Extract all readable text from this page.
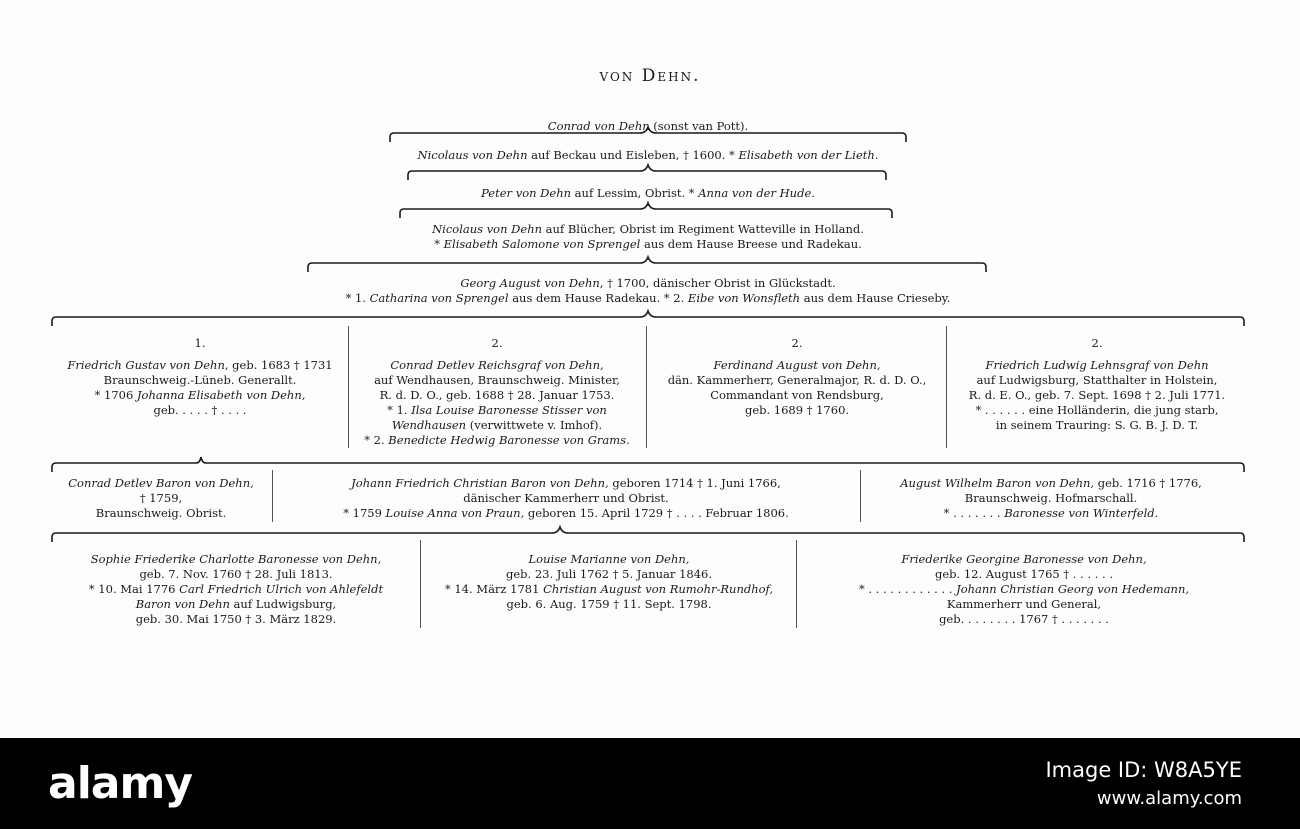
von Dehn.
Conrad von Dehn (sonst van Pott).
Nicolaus von Dehn auf Beckau und Eisleben, † 1600. * Elisabeth von der Lieth.
Peter von Dehn auf Lessim, Obrist. * Anna von der Hude.
Nicolaus von Dehn auf Blücher, Obrist im Regiment Watteville in Holland.
* Elisabeth Salomone von Sprengel aus dem Hause Breese und Radekau.
Georg August von Dehn, † 1700, dänischer Obrist in Glückstadt.
* 1. Catharina von Sprengel aus dem Hause Radekau. * 2. Eibe von Wonsfleth aus dem Hause Crieseby.
1.
Friedrich Gustav von Dehn, geb. 1683 † 1731
Braunschweig.-Lüneb. Generallt.
* 1706 Johanna Elisabeth von Dehn,
geb. . . . . † . . . .
2.
Conrad Detlev Reichsgraf von Dehn,
auf Wendhausen, Braunschweig. Minister,
R. d. D. O., geb. 1688 † 28. Januar 1753.
* 1. Ilsa Louise Baronesse Stisser von
Wendhausen (verwittwete v. Imhof).
* 2. Benedicte Hedwig Baronesse von Grams.
2.
Ferdinand August von Dehn,
dän. Kammerherr, Generalmajor, R. d. D. O.,
Commandant von Rendsburg,
geb. 1689 † 1760.
2.
Friedrich Ludwig Lehnsgraf von Dehn
auf Ludwigsburg, Statthalter in Holstein,
R. d. E. O., geb. 7. Sept. 1698 † 2. Juli 1771.
* . . . . . . eine Holländerin, die jung starb,
in seinem Trauring: S. G. B. J. D. T.
Conrad Detlev Baron von Dehn,
† 1759,
Braunschweig. Obrist.
Johann Friedrich Christian Baron von Dehn, geboren 1714 † 1. Juni 1766,
dänischer Kammerherr und Obrist.
* 1759 Louise Anna von Praun, geboren 15. April 1729 † . . . . Februar 1806.
August Wilhelm Baron von Dehn, geb. 1716 † 1776,
Braunschweig. Hofmarschall.
* . . . . . . . Baronesse von Winterfeld.
Sophie Friederike Charlotte Baronesse von Dehn,
geb. 7. Nov. 1760 † 28. Juli 1813.
* 10. Mai 1776 Carl Friedrich Ulrich von Ahlefeldt
Baron von Dehn auf Ludwigsburg,
geb. 30. Mai 1750 † 3. März 1829.
Louise Marianne von Dehn,
geb. 23. Juli 1762 † 5. Januar 1846.
* 14. März 1781 Christian August von Rumohr-Rundhof,
geb. 6. Aug. 1759 † 11. Sept. 1798.
Friederike Georgine Baronesse von Dehn,
geb. 12. August 1765 † . . . . . .
* . . . . . . . . . . . . Johann Christian Georg von Hedemann,
Kammerherr und General,
geb. . . . . . . . 1767 † . . . . . . .
alamy	Image ID: W8A5YE
www.alamy.com
